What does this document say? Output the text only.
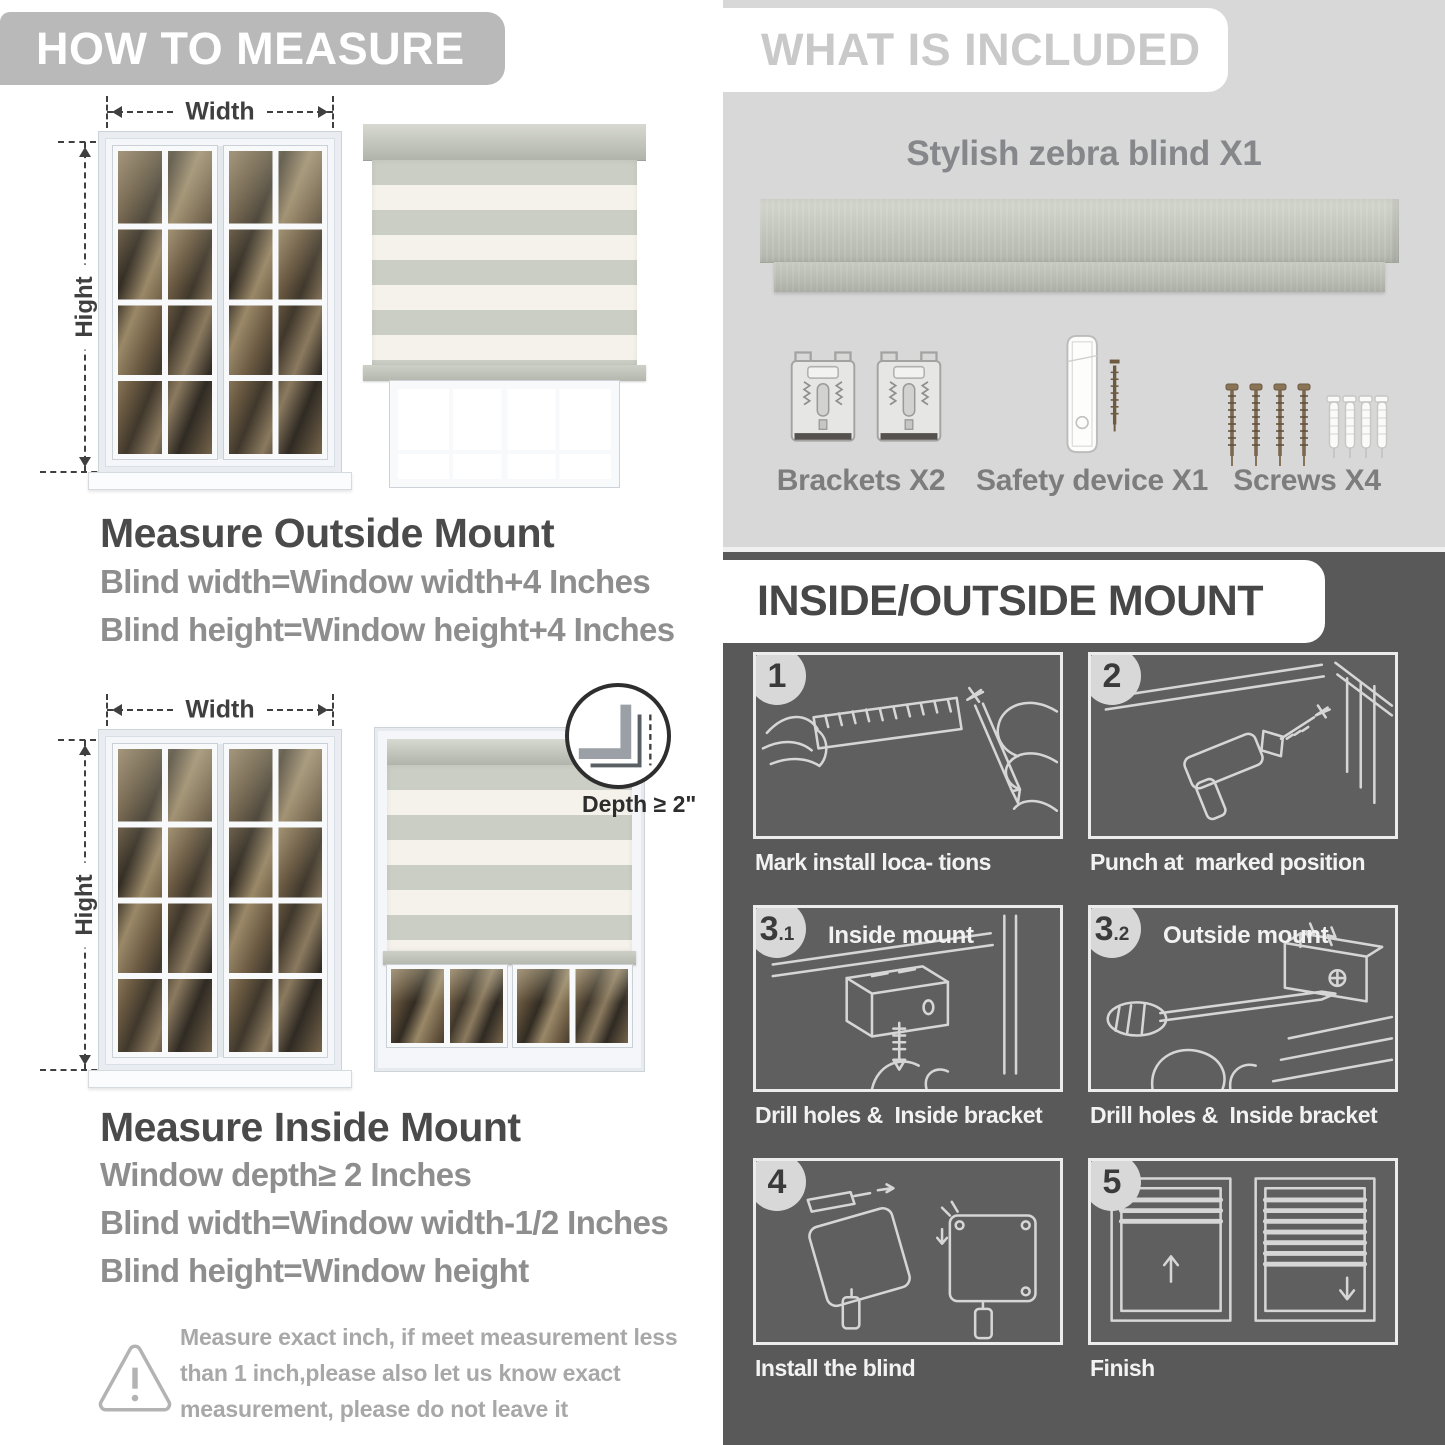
HOW TO MEASURE
Width
Hight
Measure Outside Mount
Blind width=Window width+4 Inches
Blind height=Window height+4 Inches
Width
Hight
Depth ≥ 2"
Measure Inside Mount
Window depth≥ 2 Inches
Blind width=Window width-1/2 Inches
Blind height=Window height
Measure exact inch, if meet measurement less
than 1 inch,please also let us know exact
measurement, please do not leave it
WHAT IS INCLUDED
Stylish zebra blind X1
Brackets X2	Safety device X1 Screws X4
INSIDE/OUTSIDE MOUNT
1
Mark install loca- tions
2
Punch at  marked position
3.1	Inside mount
Drill holes &  Inside bracket
3.2	Outside mount
Drill holes &  Inside bracket
4
Install the blind
5
Finish
